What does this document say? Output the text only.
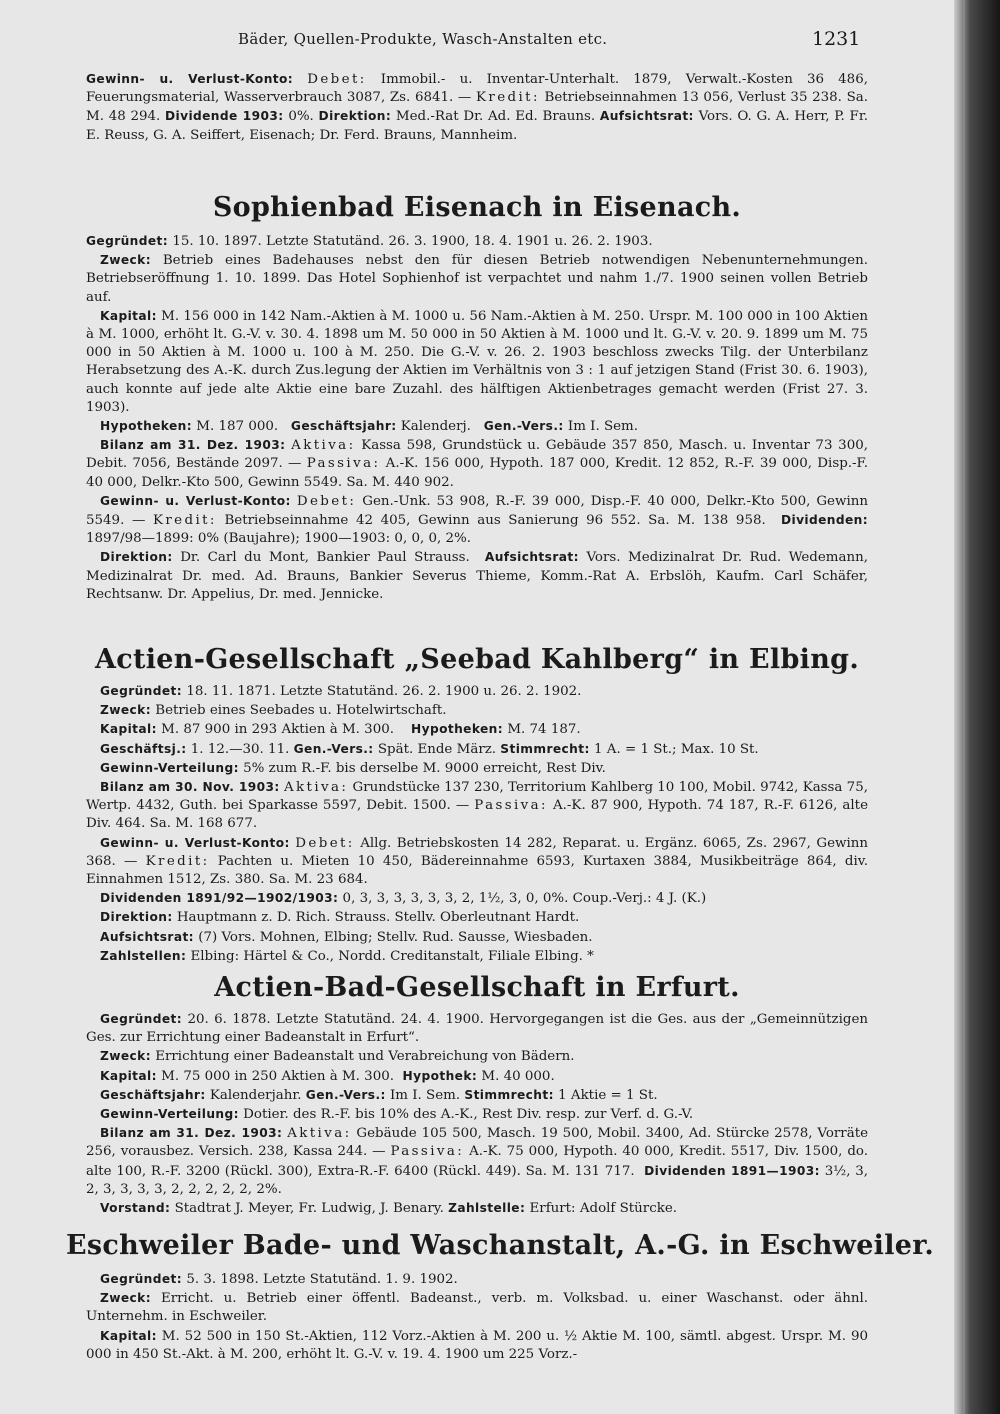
Bäder, Quellen-Produkte, Wasch-Anstalten etc.	1231

Gewinn- u. Verlust-Konto: Debet: Immobil.- u. Inventar-Unterhalt. 1879, Verwalt.-Kosten 36 486, Feuerungsmaterial, Wasserverbrauch 3087, Zs. 6841. — Kredit: Betriebseinnahmen 13 056, Verlust 35 238. Sa. M. 48 294. Dividende 1903: 0%. Direktion: Med.-Rat Dr. Ad. Ed. Brauns. Aufsichtsrat: Vors. O. G. A. Herr, P. Fr. E. Reuss, G. A. Seiffert, Eisenach; Dr. Ferd. Brauns, Mannheim.

Sophienbad Eisenach in Eisenach.

Gegründet: 15. 10. 1897. Letzte Statutänd. 26. 3. 1900, 18. 4. 1901 u. 26. 2. 1903.

Zweck: Betrieb eines Badehauses nebst den für diesen Betrieb notwendigen Nebenunternehmungen. Betriebseröffnung 1. 10. 1899. Das Hotel Sophienhof ist verpachtet und nahm 1./7. 1900 seinen vollen Betrieb auf.

Kapital: M. 156 000 in 142 Nam.-Aktien à M. 1000 u. 56 Nam.-Aktien à M. 250. Urspr. M. 100 000 in 100 Aktien à M. 1000, erhöht lt. G.-V. v. 30. 4. 1898 um M. 50 000 in 50 Aktien à M. 1000 und lt. G.-V. v. 20. 9. 1899 um M. 75 000 in 50 Aktien à M. 1000 u. 100 à M. 250. Die G.-V. v. 26. 2. 1903 beschloss zwecks Tilg. der Unterbilanz Herabsetzung des A.-K. durch Zus.legung der Aktien im Verhältnis von 3 : 1 auf jetzigen Stand (Frist 30. 6. 1903), auch konnte auf jede alte Aktie eine bare Zuzahl. des hälftigen Aktienbetrages gemacht werden (Frist 27. 3. 1903).

Hypotheken: M. 187 000. Geschäftsjahr: Kalenderj. Gen.-Vers.: Im I. Sem.

Bilanz am 31. Dez. 1903: Aktiva: Kassa 598, Grundstück u. Gebäude 357 850, Masch. u. Inventar 73 300, Debit. 7056, Bestände 2097. — Passiva: A.-K. 156 000, Hypoth. 187 000, Kredit. 12 852, R.-F. 39 000, Disp.-F. 40 000, Delkr.-Kto 500, Gewinn 5549. Sa. M. 440 902.

Gewinn- u. Verlust-Konto: Debet: Gen.-Unk. 53 908, R.-F. 39 000, Disp.-F. 40 000, Delkr.-Kto 500, Gewinn 5549. — Kredit: Betriebseinnahme 42 405, Gewinn aus Sanierung 96 552. Sa. M. 138 958. Dividenden: 1897/98—1899: 0% (Baujahre); 1900—1903: 0, 0, 0, 2%.

Direktion: Dr. Carl du Mont, Bankier Paul Strauss. Aufsichtsrat: Vors. Medizinalrat Dr. Rud. Wedemann, Medizinalrat Dr. med. Ad. Brauns, Bankier Severus Thieme, Komm.-Rat A. Erbslöh, Kaufm. Carl Schäfer, Rechtsanw. Dr. Appelius, Dr. med. Jennicke.

Actien-Gesellschaft „Seebad Kahlberg“ in Elbing.

Gegründet: 18. 11. 1871. Letzte Statutänd. 26. 2. 1900 u. 26. 2. 1902.

Zweck: Betrieb eines Seebades u. Hotelwirtschaft.

Kapital: M. 87 900 in 293 Aktien à M. 300. Hypotheken: M. 74 187.

Geschäftsj.: 1. 12.—30. 11. Gen.-Vers.: Spät. Ende März. Stimmrecht: 1 A. = 1 St.; Max. 10 St.

Gewinn-Verteilung: 5% zum R.-F. bis derselbe M. 9000 erreicht, Rest Div.

Bilanz am 30. Nov. 1903: Aktiva: Grundstücke 137 230, Territorium Kahlberg 10 100, Mobil. 9742, Kassa 75, Wertp. 4432, Guth. bei Sparkasse 5597, Debit. 1500. — Passiva: A.-K. 87 900, Hypoth. 74 187, R.-F. 6126, alte Div. 464. Sa. M. 168 677.

Gewinn- u. Verlust-Konto: Debet: Allg. Betriebskosten 14 282, Reparat. u. Ergänz. 6065, Zs. 2967, Gewinn 368. — Kredit: Pachten u. Mieten 10 450, Bädereinnahme 6593, Kurtaxen 3884, Musikbeiträge 864, div. Einnahmen 1512, Zs. 380. Sa. M. 23 684.

Dividenden 1891/92—1902/1903: 0, 3, 3, 3, 3, 3, 3, 2, 1½, 3, 0, 0%. Coup.-Verj.: 4 J. (K.)

Direktion: Hauptmann z. D. Rich. Strauss. Stellv. Oberleutnant Hardt.

Aufsichtsrat: (7) Vors. Mohnen, Elbing; Stellv. Rud. Sausse, Wiesbaden.

Zahlstellen: Elbing: Härtel & Co., Nordd. Creditanstalt, Filiale Elbing. *

Actien-Bad-Gesellschaft in Erfurt.

Gegründet: 20. 6. 1878. Letzte Statutänd. 24. 4. 1900. Hervorgegangen ist die Ges. aus der „Gemeinnützigen Ges. zur Errichtung einer Badeanstalt in Erfurt“.

Zweck: Errichtung einer Badeanstalt und Verabreichung von Bädern.

Kapital: M. 75 000 in 250 Aktien à M. 300. Hypothek: M. 40 000.

Geschäftsjahr: Kalenderjahr. Gen.-Vers.: Im I. Sem. Stimmrecht: 1 Aktie = 1 St.

Gewinn-Verteilung: Dotier. des R.-F. bis 10% des A.-K., Rest Div. resp. zur Verf. d. G.-V.

Bilanz am 31. Dez. 1903: Aktiva: Gebäude 105 500, Masch. 19 500, Mobil. 3400, Ad. Stürcke 2578, Vorräte 256, vorausbez. Versich. 238, Kassa 244. — Passiva: A.-K. 75 000, Hypoth. 40 000, Kredit. 5517, Div. 1500, do. alte 100, R.-F. 3200 (Rückl. 300), Extra-R.-F. 6400 (Rückl. 449). Sa. M. 131 717. Dividenden 1891—1903: 3½, 3, 2, 3, 3, 3, 3, 2, 2, 2, 2, 2, 2%.

Vorstand: Stadtrat J. Meyer, Fr. Ludwig, J. Benary. Zahlstelle: Erfurt: Adolf Stürcke.

Eschweiler Bade- und Waschanstalt, A.-G. in Eschweiler.

Gegründet: 5. 3. 1898. Letzte Statutänd. 1. 9. 1902.

Zweck: Erricht. u. Betrieb einer öffentl. Badeanst., verb. m. Volksbad. u. einer Waschanst. oder ähnl. Unternehm. in Eschweiler.

Kapital: M. 52 500 in 150 St.-Aktien, 112 Vorz.-Aktien à M. 200 u. ½ Aktie M. 100, sämtl. abgest. Urspr. M. 90 000 in 450 St.-Akt. à M. 200, erhöht lt. G.-V. v. 19. 4. 1900 um 225 Vorz.-
